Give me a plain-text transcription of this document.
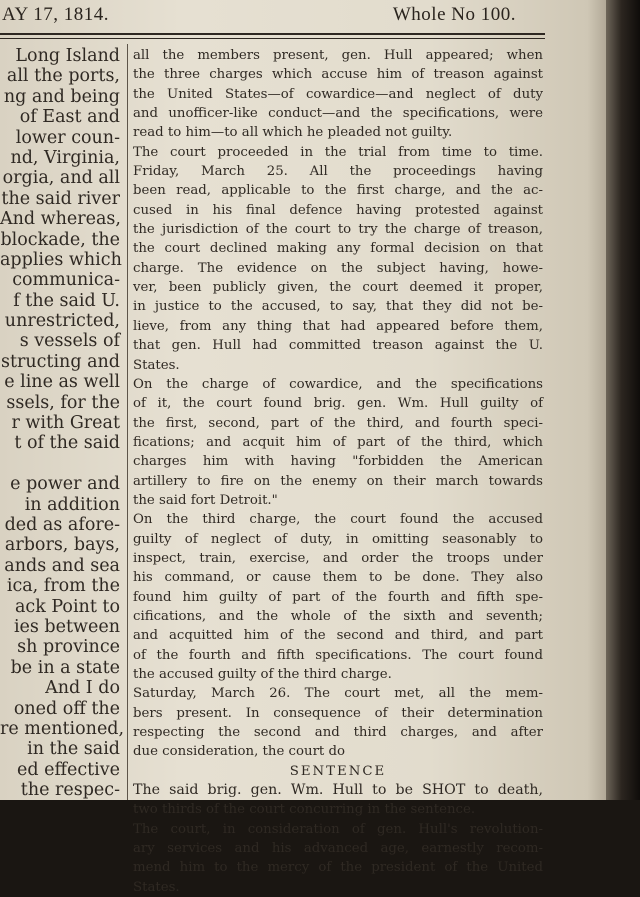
AY 17, 1814.	Whole No 100.
Long Island
all the ports,
ng and being
of East and
lower coun-
nd, Virginia,
orgia, and all
the said river
And whereas,
blockade, the
applies which
communica-
f the said U.
unrestricted,
s vessels of
structing and
e line as well
ssels, for the
r with Great
t of the said
e power and
in addition
ded as afore-
arbors, bays,
ands and sea
ica, from the
ack Point to
ies between
sh province
be in a state
And I do
oned off the
re mentioned,
in the said
ed effective
the respec-
all the members present, gen. Hull appeared; when
the three charges which accuse him of treason against
the United States—of cowardice—and neglect of duty
and unofficer-like conduct—and the specifications, were
read to him—to all which he pleaded not guilty.
The court proceeded in the trial from time to time.
Friday, March 25. All the proceedings having
been read, applicable to the first charge, and the ac-
cused in his final defence having protested against
the jurisdiction of the court to try the charge of treason,
the court declined making any formal decision on that
charge. The evidence on the subject having, howe-
ver, been publicly given, the court deemed it proper,
in justice to the accused, to say, that they did not be-
lieve, from any thing that had appeared before them,
that gen. Hull had committed treason against the U.
States.
On the charge of cowardice, and the specifications
of it, the court found brig. gen. Wm. Hull guilty of
the first, second, part of the third, and fourth speci-
fications; and acquit him of part of the third, which
charges him with having "forbidden the American
artillery to fire on the enemy on their march towards
the said fort Detroit."
On the third charge, the court found the accused
guilty of neglect of duty, in omitting seasonably to
inspect, train, exercise, and order the troops under
his command, or cause them to be done. They also
found him guilty of part of the fourth and fifth spe-
cifications, and the whole of the sixth and seventh;
and acquitted him of the second and third, and part
of the fourth and fifth specifications. The court found
the accused guilty of the third charge.
Saturday, March 26. The court met, all the mem-
bers present. In consequence of their determination
respecting the second and third charges, and after
due consideration, the court do
SENTENCE
The said brig. gen. Wm. Hull to be SHOT to death,
two thirds of the court concurring in the sentence.
The court, in consideration of gen. Hull's revolution-
ary services and his advanced age, earnestly recom-
mend him to the mercy of the president of the United
States.
